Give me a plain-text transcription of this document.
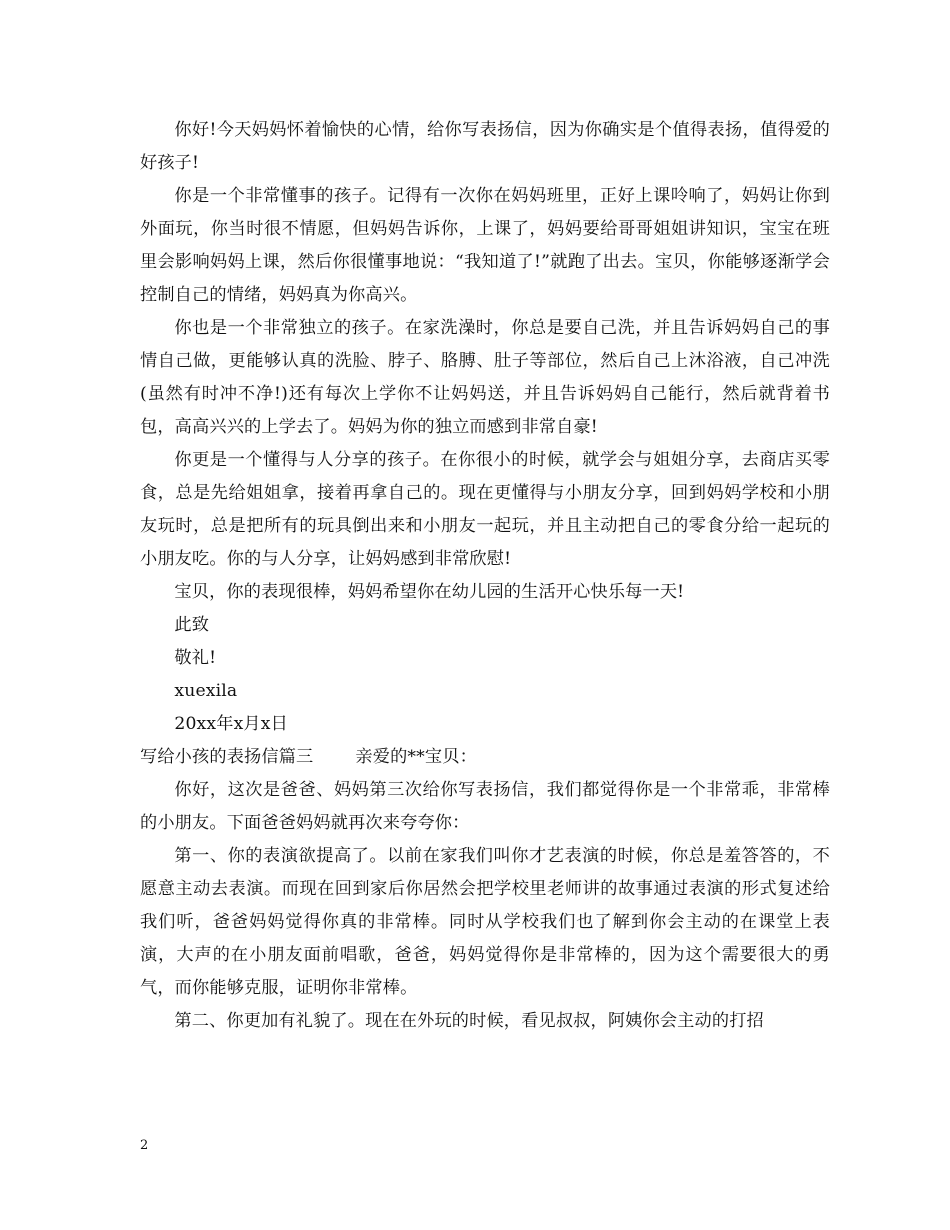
你好!今天妈妈怀着愉快的心情，给你写表扬信，因为你确实是个值得表扬，值得爱的好孩子!

你是一个非常懂事的孩子。记得有一次你在妈妈班里，正好上课呤响了，妈妈让你到外面玩，你当时很不情愿，但妈妈告诉你，上课了，妈妈要给哥哥姐姐讲知识，宝宝在班里会影响妈妈上课，然后你很懂事地说：“我知道了!”就跑了出去。宝贝，你能够逐渐学会控制自己的情绪，妈妈真为你高兴。

你也是一个非常独立的孩子。在家洗澡时，你总是要自己洗，并且告诉妈妈自己的事情自己做，更能够认真的洗脸、脖子、胳膊、肚子等部位，然后自己上沐浴液，自己冲洗(虽然有时冲不净!)还有每次上学你不让妈妈送，并且告诉妈妈自己能行，然后就背着书包，高高兴兴的上学去了。妈妈为你的独立而感到非常自豪!

你更是一个懂得与人分享的孩子。在你很小的时候，就学会与姐姐分享，去商店买零食，总是先给姐姐拿，接着再拿自己的。现在更懂得与小朋友分享，回到妈妈学校和小朋友玩时，总是把所有的玩具倒出来和小朋友一起玩，并且主动把自己的零食分给一起玩的小朋友吃。你的与人分享，让妈妈感到非常欣慰!

宝贝，你的表现很棒，妈妈希望你在幼儿园的生活开心快乐每一天!

此致

敬礼!

xuexila

20xx年x月x日

写给小孩的表扬信篇三 亲爱的**宝贝：

你好，这次是爸爸、妈妈第三次给你写表扬信，我们都觉得你是一个非常乖，非常棒的小朋友。下面爸爸妈妈就再次来夸夸你：

第一、你的表演欲提高了。以前在家我们叫你才艺表演的时候，你总是羞答答的，不愿意主动去表演。而现在回到家后你居然会把学校里老师讲的故事通过表演的形式复述给我们听，爸爸妈妈觉得你真的非常棒。同时从学校我们也了解到你会主动的在课堂上表演，大声的在小朋友面前唱歌，爸爸，妈妈觉得你是非常棒的，因为这个需要很大的勇气，而你能够克服，证明你非常棒。

第二、你更加有礼貌了。现在在外玩的时候，看见叔叔，阿姨你会主动的打招

2
